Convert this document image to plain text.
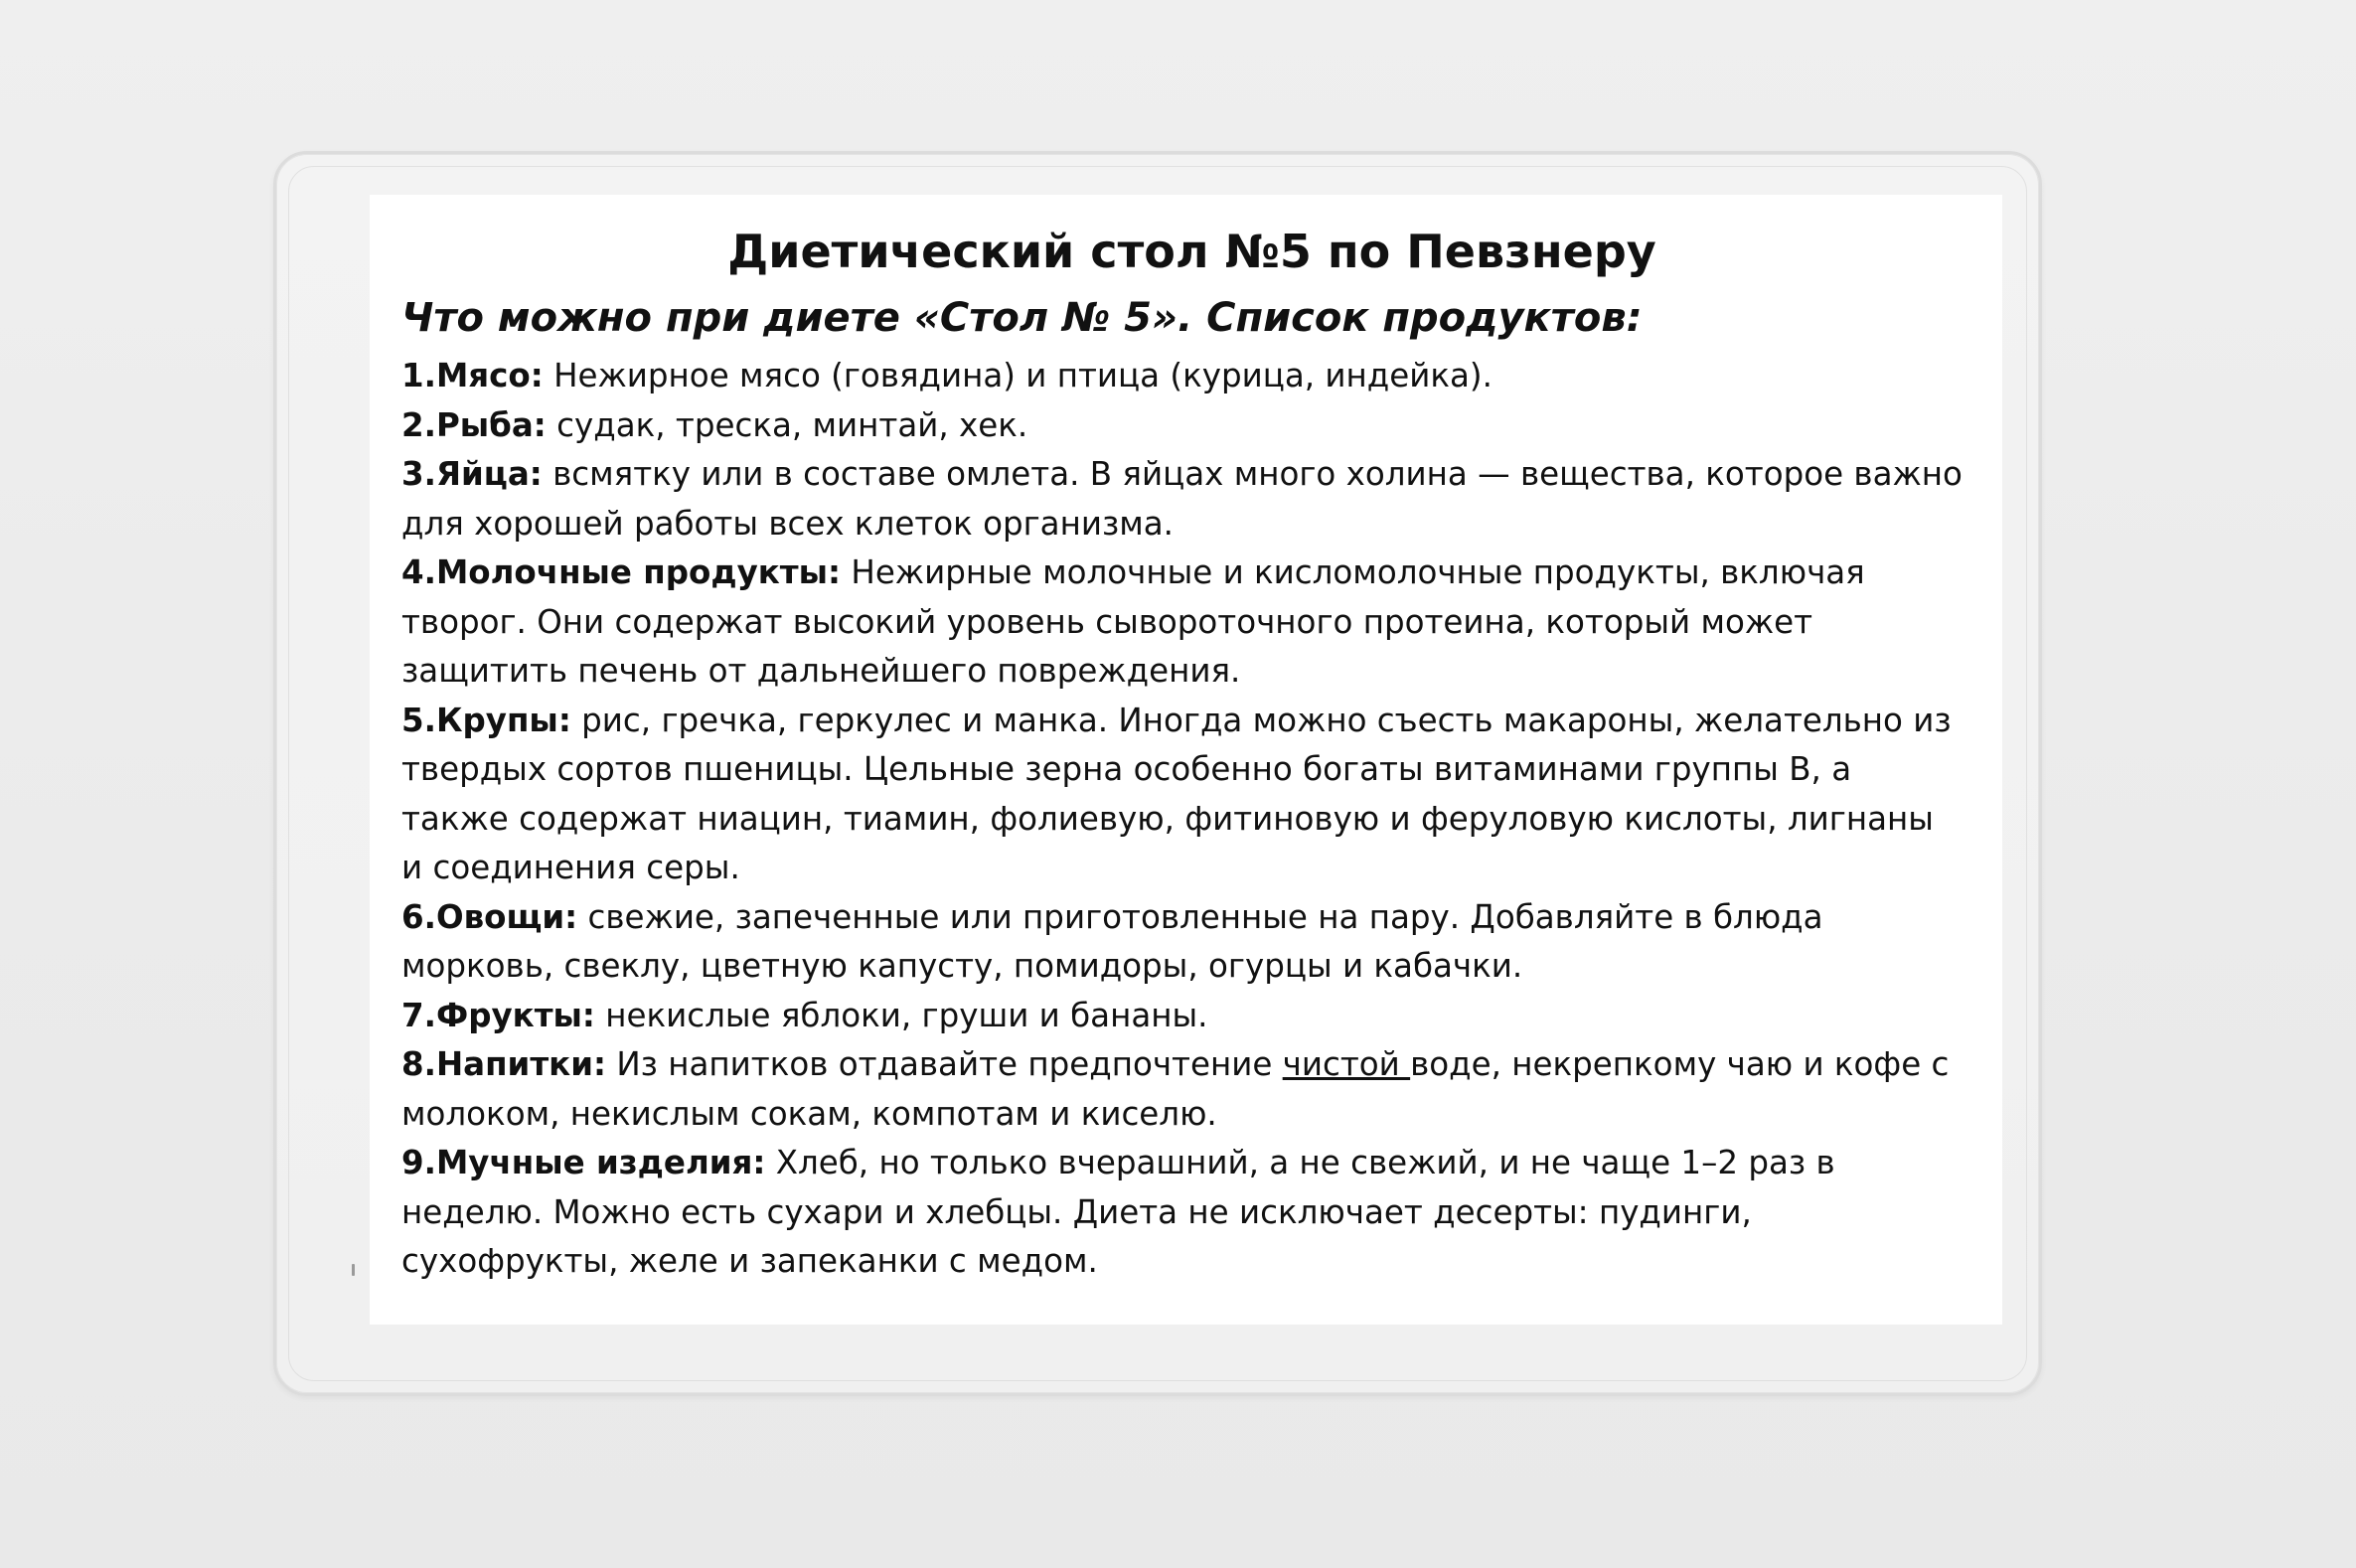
Диетический стол №5 по Певзнеру
Что можно при диете «Стол № 5». Список продуктов:

1.Мясо: Нежирное мясо (говядина) и птица (курица, индейка).

2.Рыба: судак, треска, минтай, хек.

3.Яйца: всмятку или в составе омлета. В яйцах много холина — вещества, которое важно для хорошей работы всех клеток организма.

4.Молочные продукты: Нежирные молочные и кисломолочные продукты, включая творог. Они содержат высокий уровень сывороточного протеина, который может защитить печень от дальнейшего повреждения.

5.Крупы: рис, гречка, геркулес и манка. Иногда можно съесть макароны, желательно из твердых сортов пшеницы. Цельные зерна особенно богаты витаминами группы В, а также содержат ниацин, тиамин, фолиевую, фитиновую и феруловую кислоты, лигнаны и соединения серы.

6.Овощи: свежие, запеченные или приготовленные на пару. Добавляйте в блюда морковь, свеклу, цветную капусту, помидоры, огурцы и кабачки.

7.Фрукты: некислые яблоки, груши и бананы.

8.Напитки: Из напитков отдавайте предпочтение чистой воде, некрепкому чаю и кофе с молоком, некислым сокам, компотам и киселю.

9.Мучные изделия: Хлеб, но только вчерашний, а не свежий, и не чаще 1–2 раз в неделю. Можно есть сухари и хлебцы. Диета не исключает десерты: пудинги, сухофрукты, желе и запеканки с медом.
